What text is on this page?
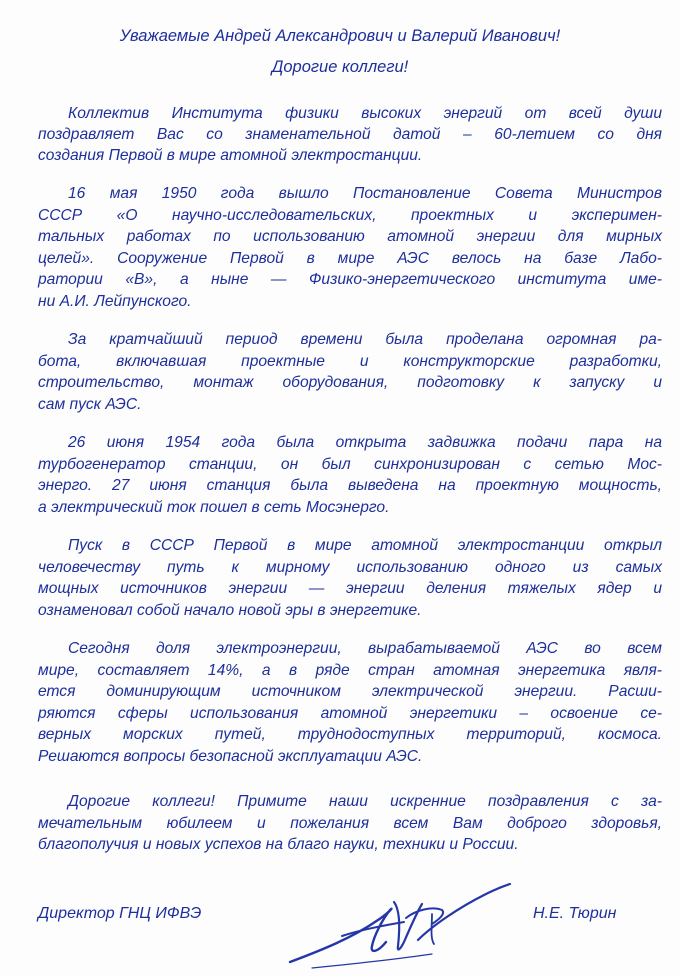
Уважаемые Андрей Александрович и Валерий Иванович!
Дорогие коллеги!
Коллектив Института физики высоких энергий от всей души
поздравляет Вас со знаменательной датой – 60-летием со дня
создания Первой в мире атомной электростанции.
16 мая 1950 года вышло Постановление Совета Министров
СССР «О научно-исследовательских, проектных и эксперимен-
тальных работах по использованию атомной энергии для мирных
целей». Сооружение Первой в мире АЭС велось на базе Лабо-
ратории «В», а ныне — Физико-энергетического института име-
ни А.И. Лейпунского.
За кратчайший период времени была проделана огромная ра-
бота, включавшая проектные и конструкторские разработки,
строительство, монтаж оборудования, подготовку к запуску и
сам пуск АЭС.
26 июня 1954 года была открыта задвижка подачи пара на
турбогенератор станции, он был синхронизирован с сетью Мос-
энерго. 27 июня станция была выведена на проектную мощность,
а электрический ток пошел в сеть Мосэнерго.
Пуск в СССР Первой в мире атомной электростанции открыл
человечеству путь к мирному использованию одного из самых
мощных источников энергии — энергии деления тяжелых ядер и
ознаменовал собой начало новой эры в энергетике.
Сегодня доля электроэнергии, вырабатываемой АЭС во всем
мире, составляет 14%, а в ряде стран атомная энергетика явля-
ется доминирующим источником электрической энергии. Расши-
ряются сферы использования атомной энергетики – освоение се-
верных морских путей, труднодоступных территорий, космоса.
Решаются вопросы безопасной эксплуатации АЭС.
Дорогие коллеги! Примите наши искренние поздравления с за-
мечательным юбилеем и пожелания всем Вам доброго здоровья,
благополучия и новых успехов на благо науки, техники и России.
Директор ГНЦ ИФВЭ	Н.Е. Тюрин
